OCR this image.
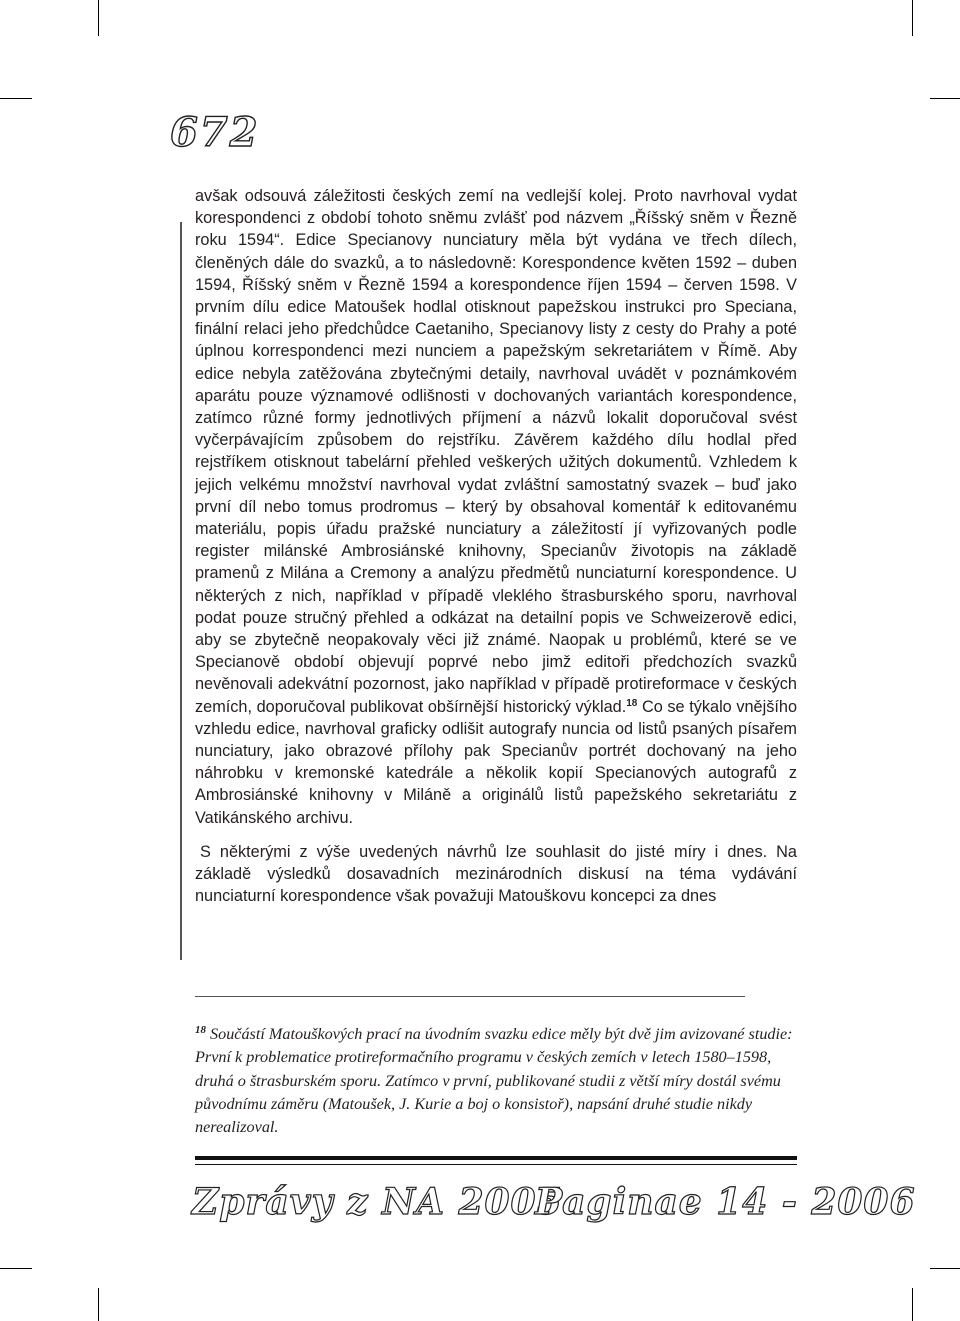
672

avšak odsouvá záležitosti českých zemí na vedlejší kolej. Proto navrhoval vydat korespondenci z období tohoto sněmu zvlášť pod názvem „Říšský sněm v Řezně roku 1594“. Edice Specianovy nunciatury měla být vydána ve třech dílech, členěných dále do svazků, a to následovně: Korespondence květen 1592 – duben 1594, Říšský sněm v Řezně 1594 a korespondence říjen 1594 – červen 1598. V prvním dílu edice Matoušek hodlal otisknout papežskou instrukci pro Speciana, finální relaci jeho předchůdce Caetaniho, Specianovy listy z cesty do Prahy a poté úplnou korrespondenci mezi nunciem a papežským sekretariátem v Římě. Aby edice nebyla zatěžována zbytečnými detaily, navrhoval uvádět v poznámkovém aparátu pouze významové odlišnosti v dochovaných variantách korespondence, zatímco různé formy jednotlivých příjmení a názvů lokalit doporučoval svést vyčerpávajícím způsobem do rejstříku. Závěrem každého dílu hodlal před rejstříkem otisknout tabelární přehled veškerých užitých dokumentů. Vzhledem k jejich velkému množství navrhoval vydat zvláštní samostatný svazek – buď jako první díl nebo tomus prodromus – který by obsahoval komentář k editovanému materiálu, popis úřadu pražské nunciatury a záležitostí jí vyřizovaných podle register milánské Ambrosiánské knihovny, Specianův životopis na základě pramenů z Milána a Cremony a analýzu předmětů nunciaturní korespondence. U některých z nich, například v případě vleklého štrasburského sporu, navrhoval podat pouze stručný přehled a odkázat na detailní popis ve Schweizerově edici, aby se zbytečně neopakovaly věci již známé. Naopak u problémů, které se ve Specianově období objevují poprvé nebo jimž editoři předchozích svazků nevěnovali adekvátní pozornost, jako například v případě protireformace v českých zemích, doporučoval publikovat obšírnější historický výklad.$^{18}$ Co se týkalo vnějšího vzhledu edice, navrhoval graficky odlišit autografy nuncia od listů psaných písařem nunciatury, jako obrazové přílohy pak Specianův portrét dochovaný na jeho náhrobku v kremonské katedrále a několik kopií Specianových autografů z Ambrosiánské knihovny v Miláně a originálů listů papežského sekretariátu z Vatikánského archivu.

S některými z výše uvedených návrhů lze souhlasit do jisté míry i dnes. Na základě výsledků dosavadních mezinárodních diskusí na téma vydávání nunciaturní korespondence však považuji Matouškovu koncepci za dnes

$^{18}$ Součástí Matouškových prací na úvodním svazku edice měly být dvě jim avizované studie: První k problematice protireformačního programu v českých zemích v letech 1580–1598, druhá o štrasburském sporu. Zatímco v první, publikované studii z větší míry dostál svému původnímu záměru (Matoušek, J. Kurie a boj o konsistoř), napsání druhé studie nikdy nerealizoval.

Zprávy z NA 2005
Paginae 14 - 2006
